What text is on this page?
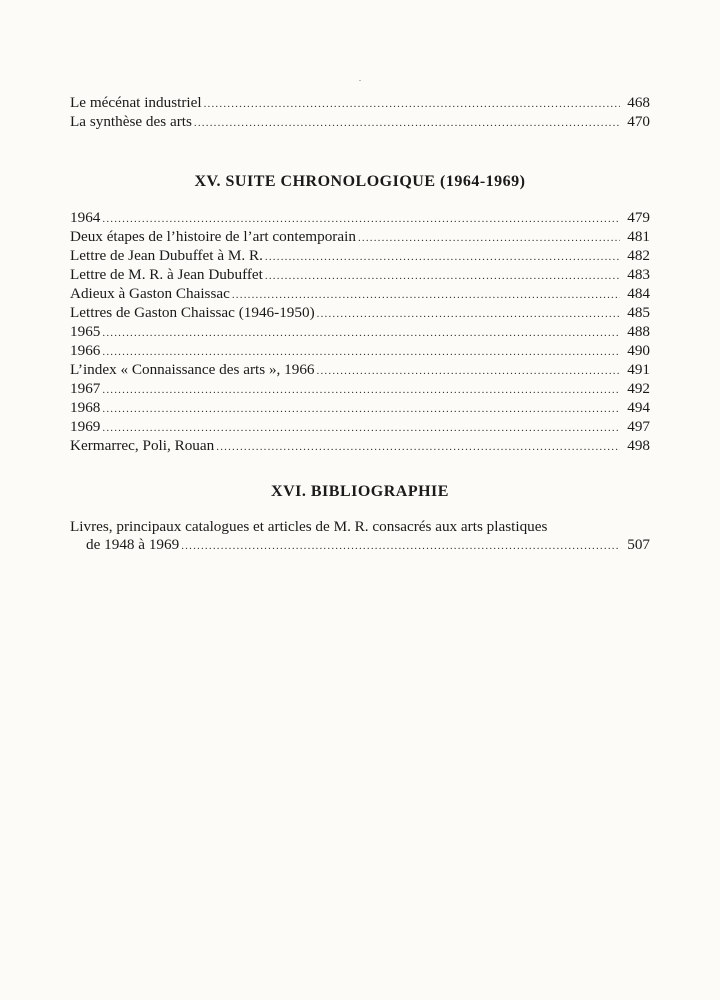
Le mécénat industriel .....	468
La synthèse des arts .....	470
XV. SUITE CHRONOLOGIQUE (1964-1969)
1964 .....	479
Deux étapes de l’histoire de l’art contemporain .....	481
Lettre de Jean Dubuffet à M. R. .....	482
Lettre de M. R. à Jean Dubuffet .....	483
Adieux à Gaston Chaissac .....	484
Lettres de Gaston Chaissac (1946-1950) .....	485
1965 .....	488
1966 .....	490
L’index « Connaissance des arts », 1966 .....	491
1967 .....	492
1968 .....	494
1969 .....	497
Kermarrec, Poli, Rouan .....	498
XVI. BIBLIOGRAPHIE
Livres, principaux catalogues et articles de M. R. consacrés aux arts plastiques
de 1948 à 1969 .....	507
